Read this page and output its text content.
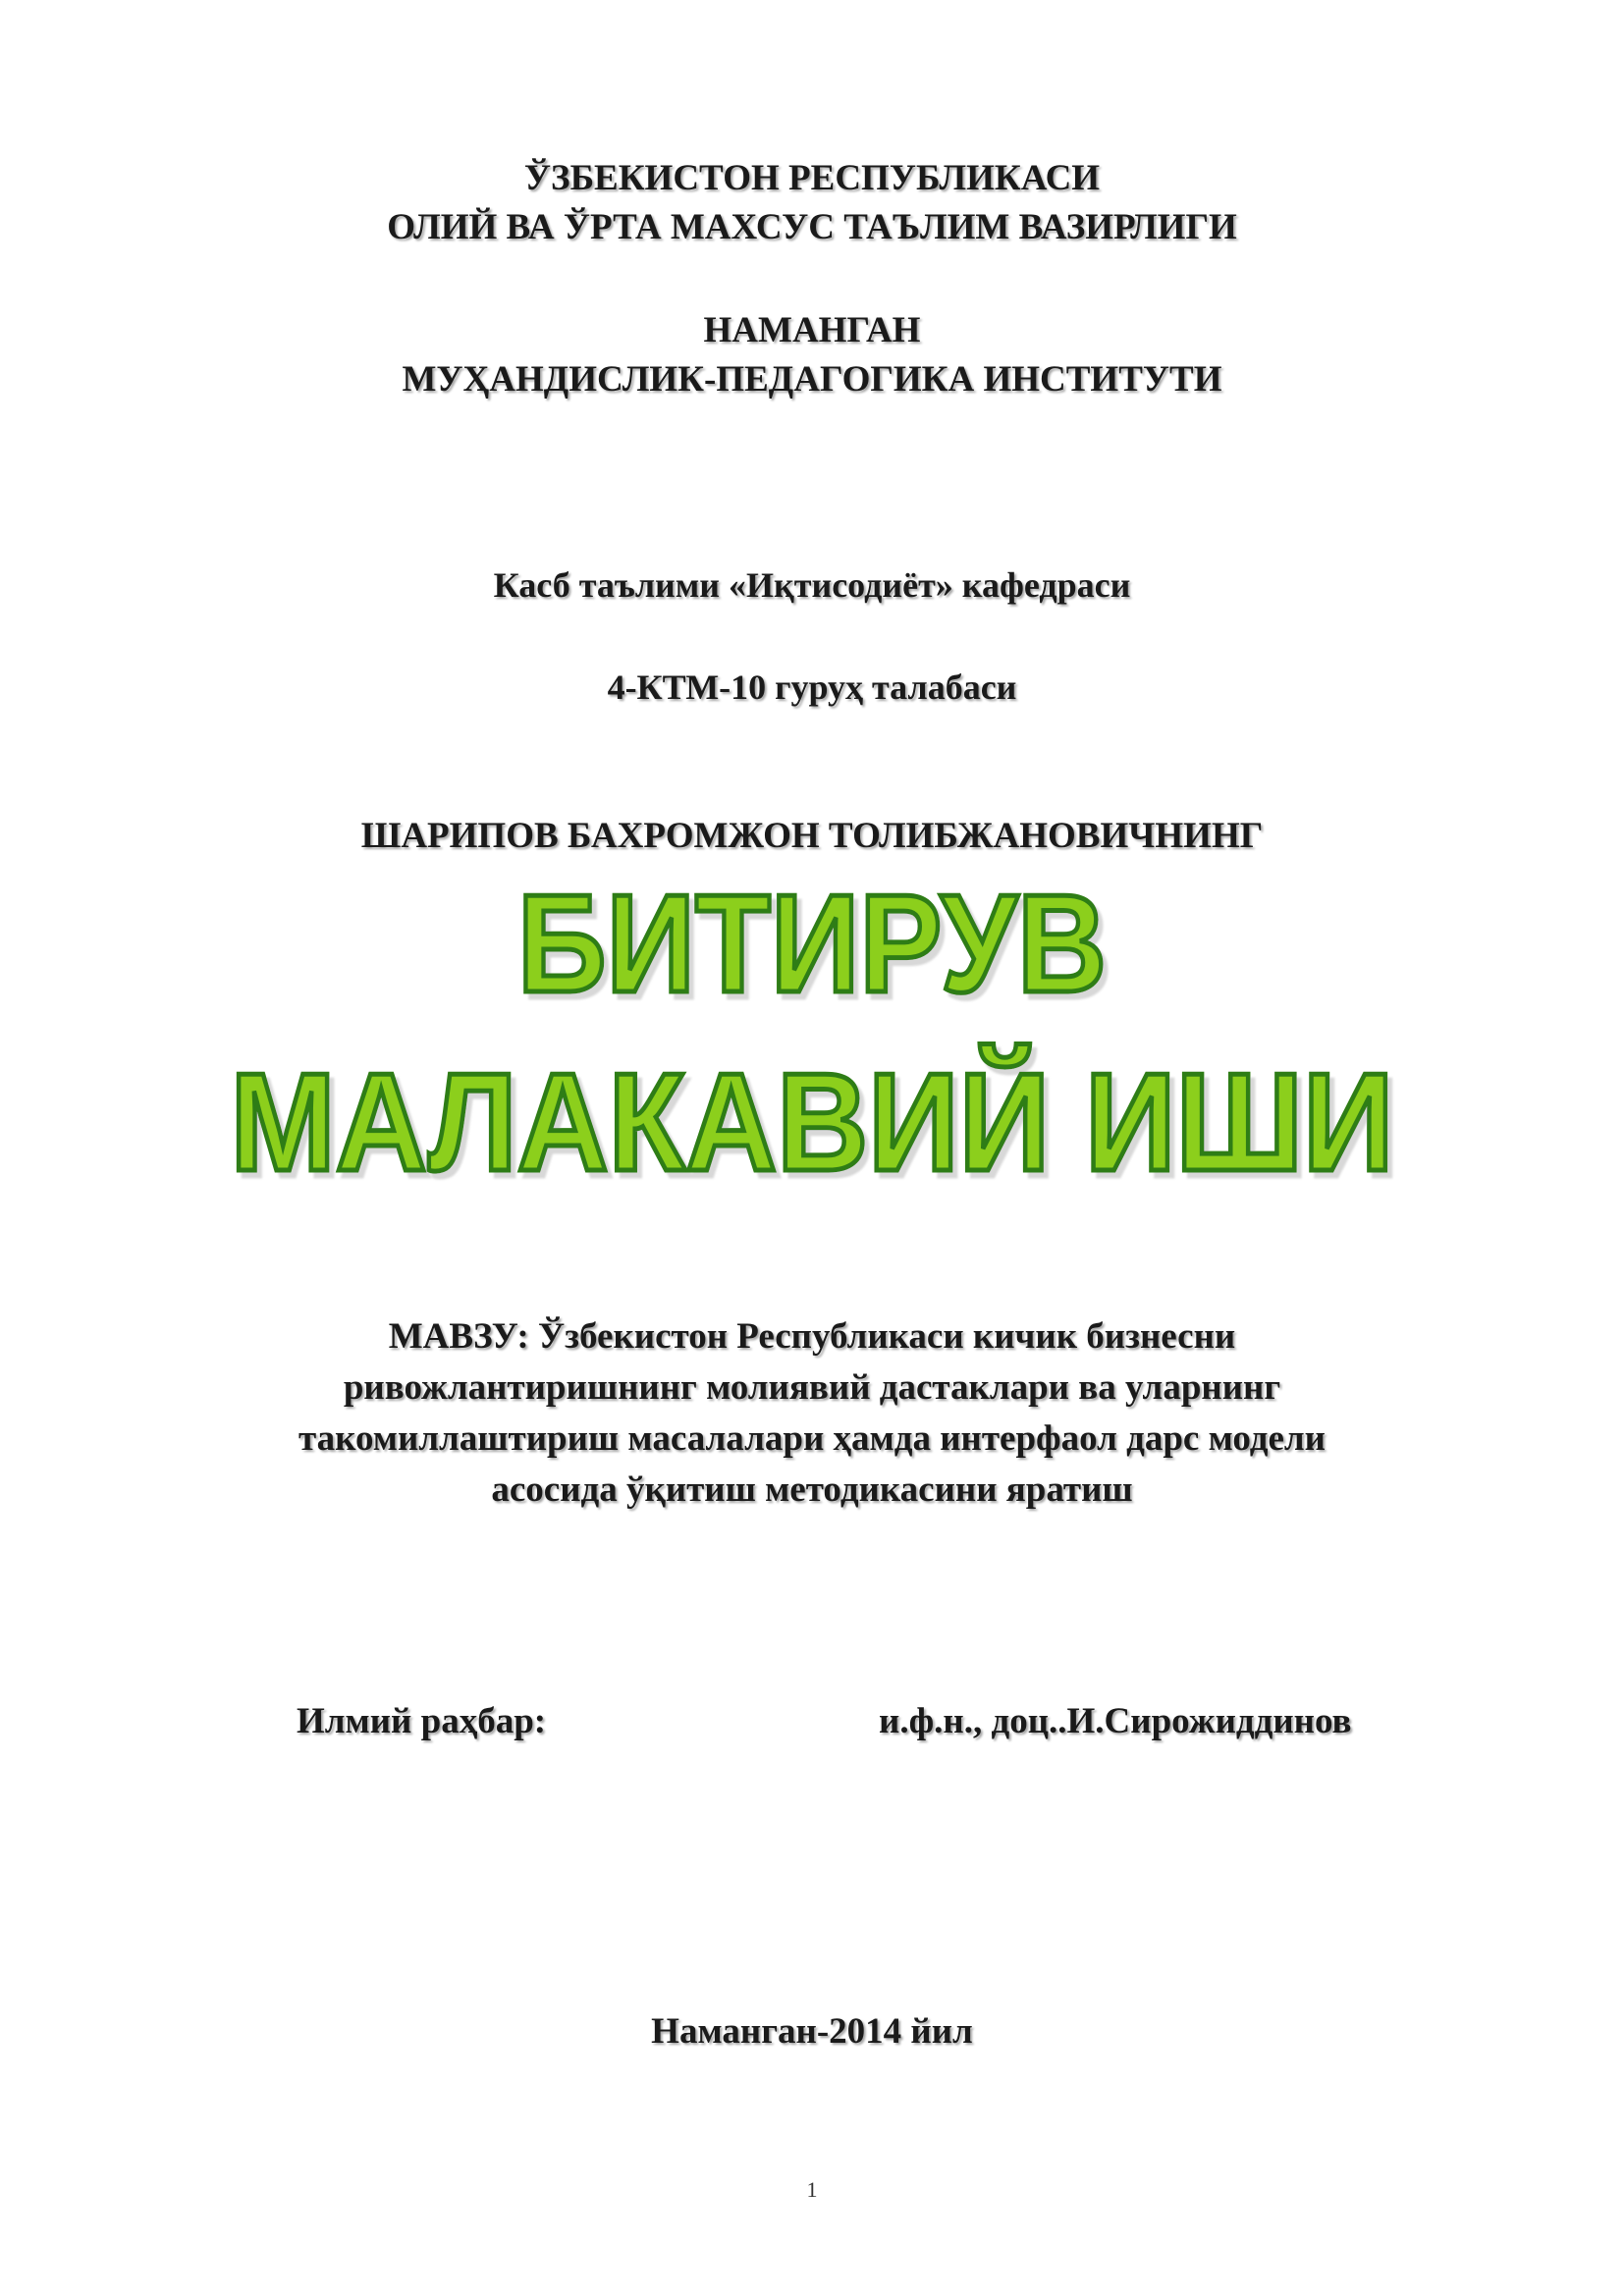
ЎЗБЕКИСТОН РЕСПУБЛИКАСИ
ОЛИЙ ВА ЎРТА МАХСУС ТАЪЛИМ ВАЗИРЛИГИ
НАМАНГАН
МУҲАНДИСЛИК-ПЕДАГОГИКА ИНСТИТУТИ
Касб таълими «Иқтисодиёт» кафедраси
4-КТМ-10 гуруҳ талабаси
ШАРИПОВ БАХРОМЖОН ТОЛИБЖАНОВИЧНИНГ
БИТИРУВ
МАЛАКАВИЙ ИШИ
МАВЗУ: Ўзбекистон Республикаси кичик бизнесни
ривожлантиришнинг молиявий дастаклари ва уларнинг
такомиллаштириш масалалари ҳамда интерфаол дарс модели
асосида ўқитиш методикасини яратиш
Илмий раҳбар:	и.ф.н., доц..И.Сирожиддинов
Наманган-2014 йил
1
